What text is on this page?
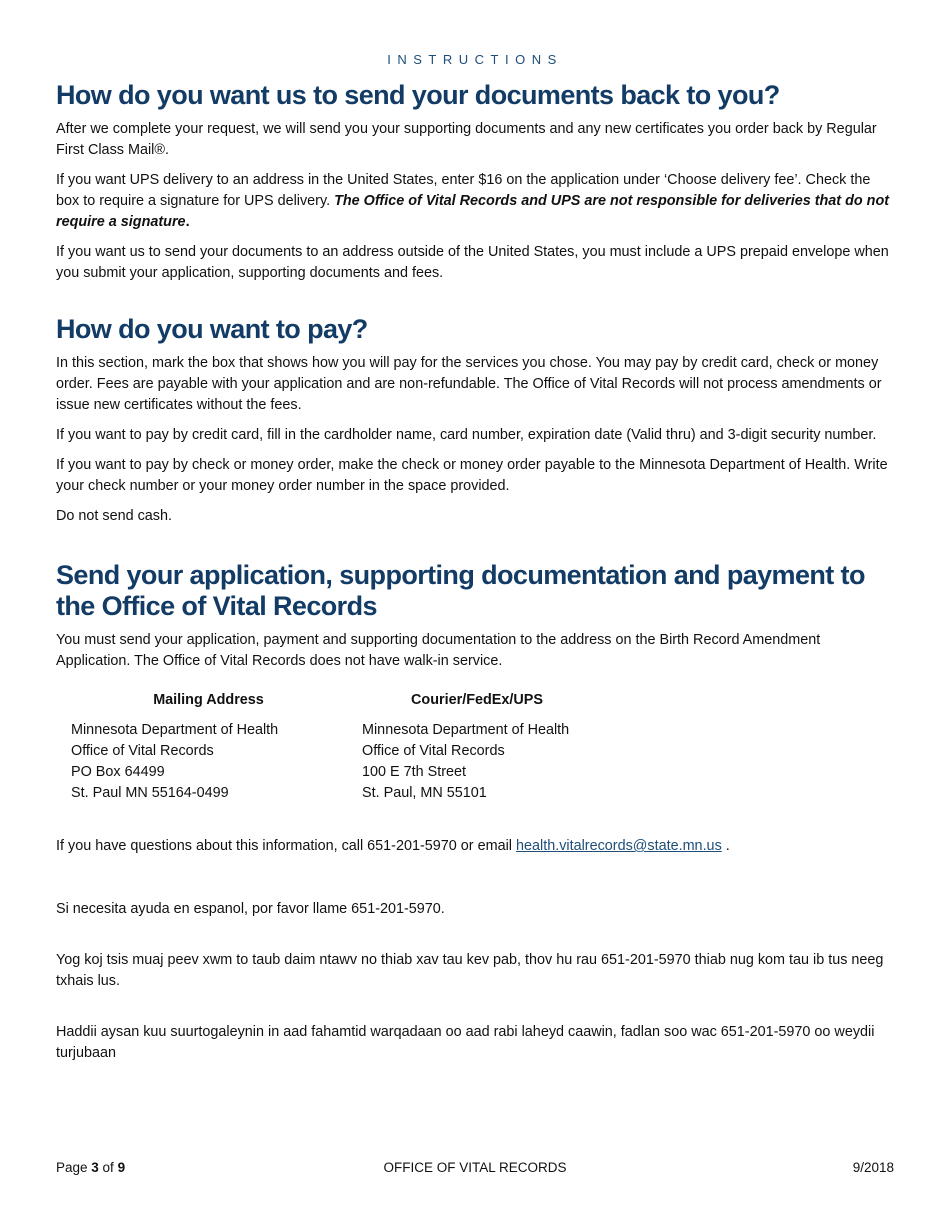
INSTRUCTIONS
How do you want us to send your documents back to you?

After we complete your request, we will send you your supporting documents and any new certificates you order back by Regular First Class Mail®.

If you want UPS delivery to an address in the United States, enter $16 on the application under ‘Choose delivery fee’. Check the box to require a signature for UPS delivery. The Office of Vital Records and UPS are not responsible for deliveries that do not require a signature.

If you want us to send your documents to an address outside of the United States, you must include a UPS prepaid envelope when you submit your application, supporting documents and fees.

How do you want to pay?

In this section, mark the box that shows how you will pay for the services you chose. You may pay by credit card, check or money order. Fees are payable with your application and are non-refundable. The Office of Vital Records will not process amendments or issue new certificates without the fees.

If you want to pay by credit card, fill in the cardholder name, card number, expiration date (Valid thru) and 3-digit security number.

If you want to pay by check or money order, make the check or money order payable to the Minnesota Department of Health. Write your check number or your money order number in the space provided.

Do not send cash.

Send your application, supporting documentation and payment to the Office of Vital Records

You must send your application, payment and supporting documentation to the address on the Birth Record Amendment Application. The Office of Vital Records does not have walk-in service.

Mailing Address
Minnesota Department of Health
Office of Vital Records
PO Box 64499
St. Paul MN 55164-0499
Courier/FedEx/UPS
Minnesota Department of Health
Office of Vital Records
100 E 7th Street
St. Paul, MN 55101

If you have questions about this information, call 651-201-5970 or email health.vitalrecords@state.mn.us .

Si necesita ayuda en espanol, por favor llame 651-201-5970.

Yog koj tsis muaj peev xwm to taub daim ntawv no thiab xav tau kev pab, thov hu rau 651-201-5970 thiab nug kom tau ib tus neeg txhais lus.

Haddii aysan kuu suurtogaleynin in aad fahamtid warqadaan oo aad rabi laheyd caawin, fadlan soo wac 651-201-5970 oo weydii turjubaan

Page 3 of 9	OFFICE OF VITAL RECORDS	9/2018
